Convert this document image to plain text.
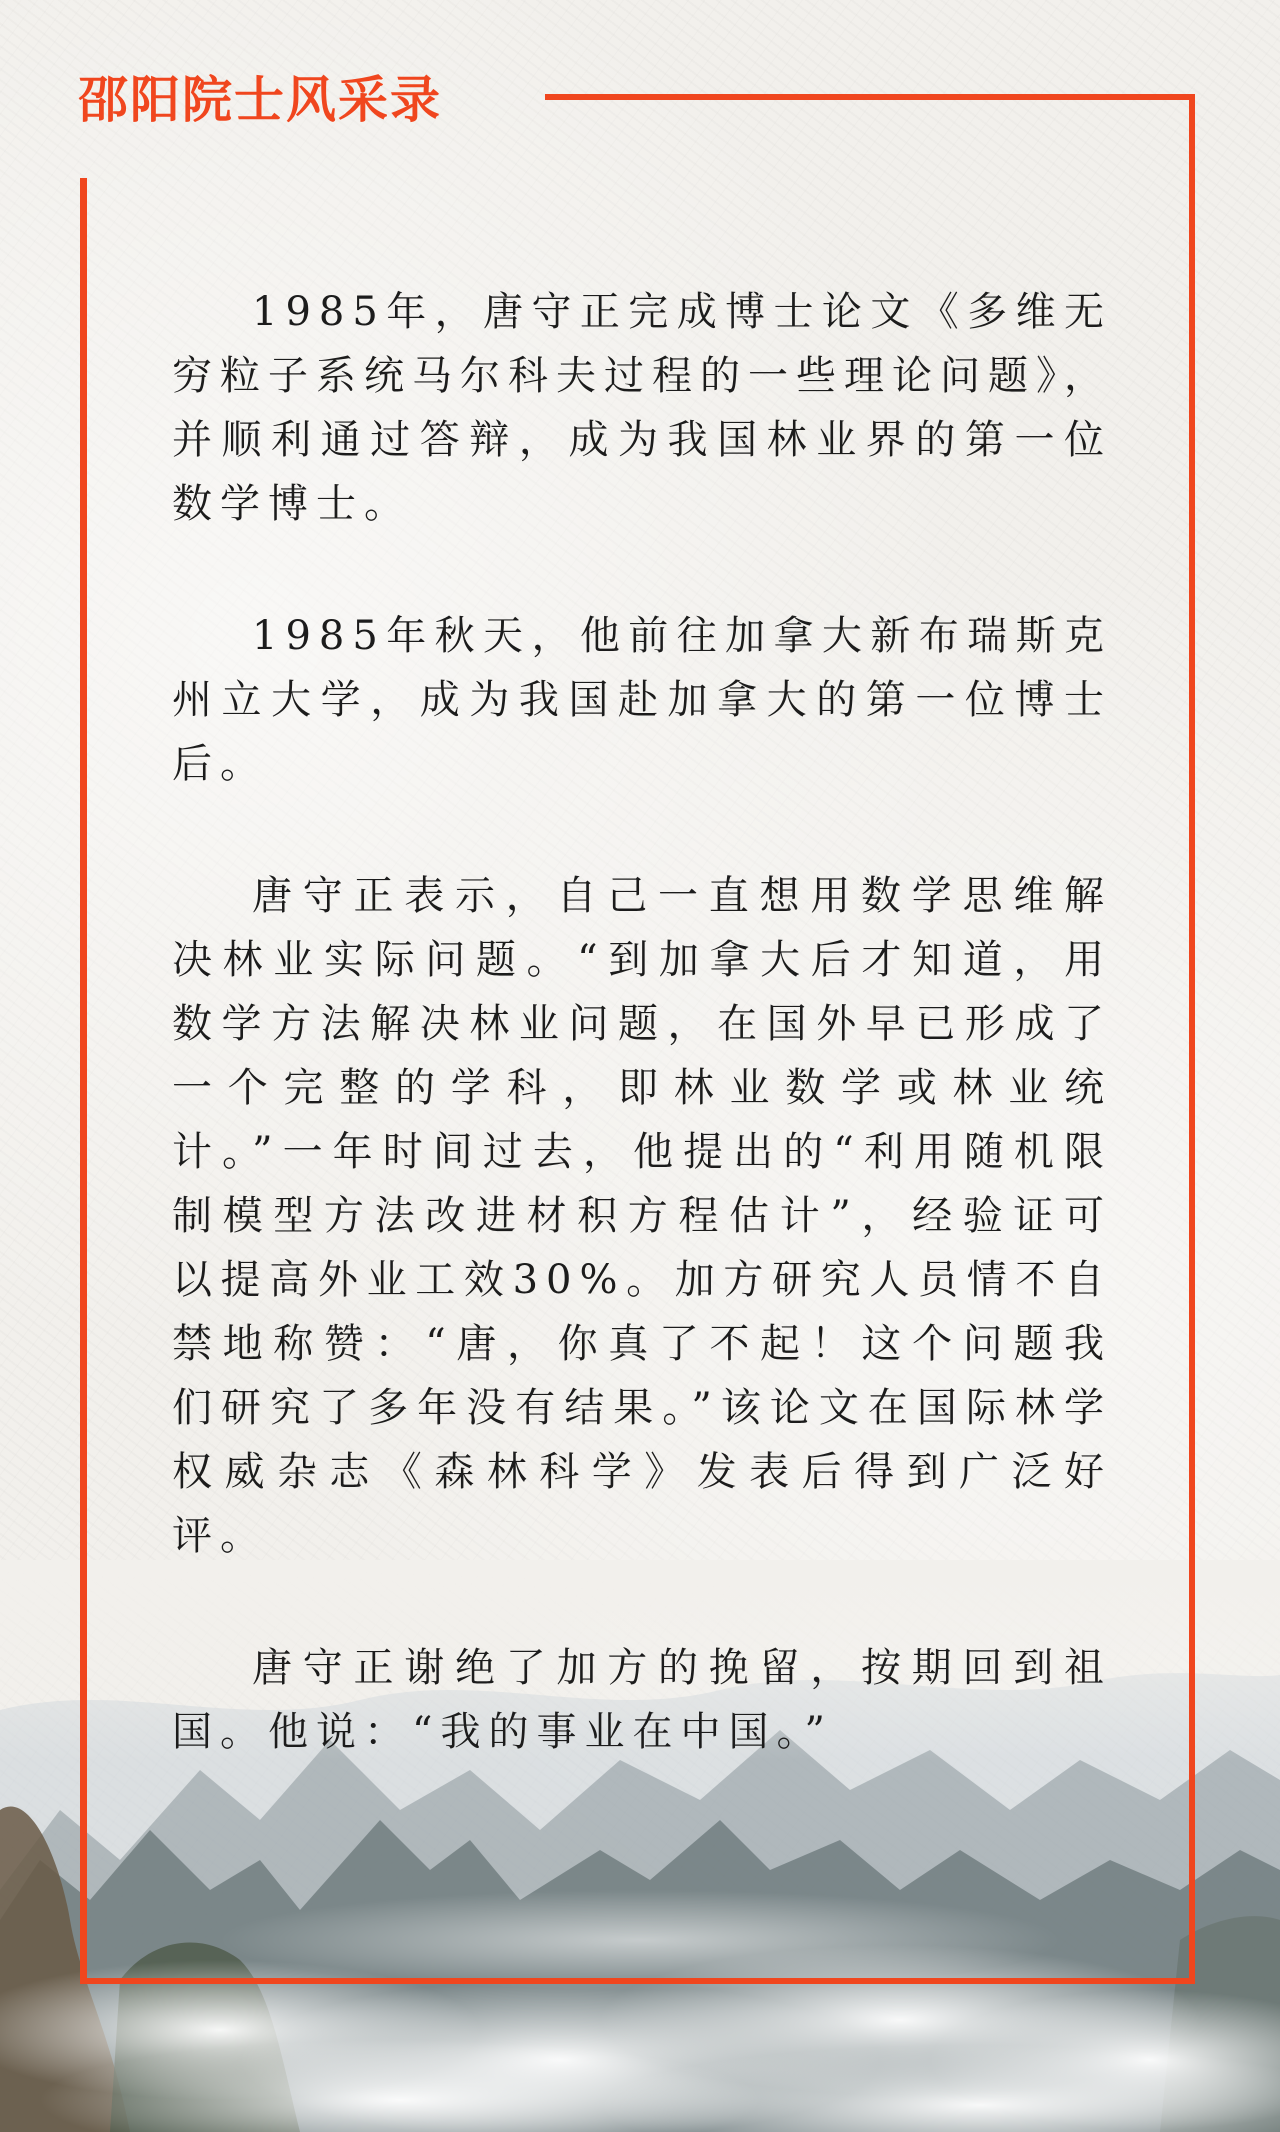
邵阳院士风采录

1985年，唐守正完成博士论文《多维无穷粒子系统马尔科夫过程的一些理论问题》，并顺利通过答辩，成为我国林业界的第一位数学博士。

1985年秋天，他前往加拿大新布瑞斯克州立大学，成为我国赴加拿大的第一位博士后。

唐守正表示，自己一直想用数学思维解决林业实际问题。“到加拿大后才知道，用数学方法解决林业问题，在国外早已形成了一个完整的学科，即林业数学或林业统计。”一年时间过去，他提出的“利用随机限制模型方法改进材积方程估计”，经验证可以提高外业工效30%。加方研究人员情不自禁地称赞：“唐，你真了不起！这个问题我们研究了多年没有结果。”该论文在国际林学权威杂志《森林科学》发表后得到广泛好评。

唐守正谢绝了加方的挽留，按期回到祖国。他说：“我的事业在中国。”
